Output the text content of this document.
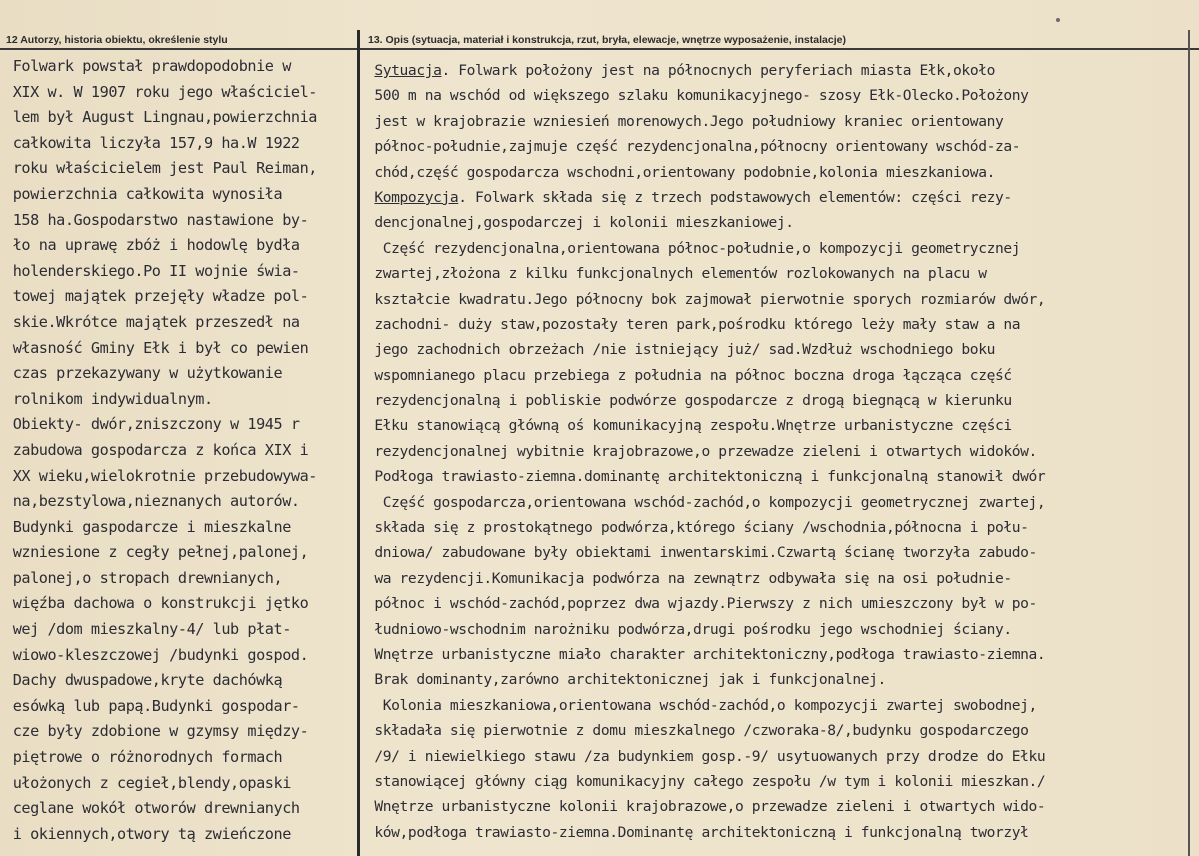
12 Autorzy, historia obiektu, określenie stylu	13. Opis (sytuacja, materiał i konstrukcja, rzut, bryła, elewacje, wnętrze wyposażenie, instalacje)
Folwark powstał prawdopodobnie w
XIX w. W 1907 roku jego właściciel-
lem był August Lingnau,powierzchnia
całkowita liczyła 157,9 ha.W 1922
roku właścicielem jest Paul Reiman,
powierzchnia całkowita wynosiła
158 ha.Gospodarstwo nastawione by-
ło na uprawę zbóż i hodowlę bydła
holenderskiego.Po II wojnie świa-
towej majątek przejęły władze pol-
skie.Wkrótce majątek przeszedł na
własność Gminy Ełk i był co pewien
czas przekazywany w użytkowanie
rolnikom indywidualnym.
Obiekty- dwór,zniszczony w 1945 r
zabudowa gospodarcza z końca XIX i
XX wieku,wielokrotnie przebudowywa-
na,bezstylowa,nieznanych autorów.
Budynki gaspodarcze i mieszkalne
wzniesione z cegły pełnej,palonej,
palonej,o stropach drewnianych,
więźba dachowa o konstrukcji jętko
wej /dom mieszkalny-4/ lub płat-
wiowo-kleszczowej /budynki gospod.
Dachy dwuspadowe,kryte dachówką
esówką lub papą.Budynki gospodar-
cze były zdobione w gzymsy między-
piętrowe o różnorodnych formach
ułożonych z cegieł,blendy,opaski
ceglane wokół otworów drewnianych
i okiennych,otwory tą zwieńczone
Sytuacja. Folwark położony jest na północnych peryferiach miasta Ełk,około
500 m na wschód od większego szlaku komunikacyjnego- szosy Ełk-Olecko.Położony
jest w krajobrazie wzniesień morenowych.Jego południowy kraniec orientowany
północ-południe,zajmuje część rezydencjonalna,północny orientowany wschód-za-
chód,część gospodarcza wschodni,orientowany podobnie,kolonia mieszkaniowa.
Kompozycja. Folwark składa się z trzech podstawowych elementów: części rezy-
dencjonalnej,gospodarczej i kolonii mieszkaniowej.
Część rezydencjonalna,orientowana północ-południe,o kompozycji geometrycznej
zwartej,złożona z kilku funkcjonalnych elementów rozlokowanych na placu w
kształcie kwadratu.Jego północny bok zajmował pierwotnie sporych rozmiarów dwór,
zachodni- duży staw,pozostały teren park,pośrodku którego leży mały staw a na
jego zachodnich obrzeżach /nie istniejący już/ sad.Wzdłuż wschodniego boku
wspomnianego placu przebiega z południa na północ boczna droga łącząca część
rezydencjonalną i pobliskie podwórze gospodarcze z drogą biegnącą w kierunku
Ełku stanowiącą główną oś komunikacyjną zespołu.Wnętrze urbanistyczne części
rezydencjonalnej wybitnie krajobrazowe,o przewadze zieleni i otwartych widoków.
Podłoga trawiasto-ziemna.dominantę architektoniczną i funkcjonalną stanowił dwór
Część gospodarcza,orientowana wschód-zachód,o kompozycji geometrycznej zwartej,
składa się z prostokątnego podwórza,którego ściany /wschodnia,północna i połu-
dniowa/ zabudowane były obiektami inwentarskimi.Czwartą ścianę tworzyła zabudo-
wa rezydencji.Komunikacja podwórza na zewnątrz odbywała się na osi południe-
północ i wschód-zachód,poprzez dwa wjazdy.Pierwszy z nich umieszczony był w po-
łudniowo-wschodnim narożniku podwórza,drugi pośrodku jego wschodniej ściany.
Wnętrze urbanistyczne miało charakter architektoniczny,podłoga trawiasto-ziemna.
Brak dominanty,zarówno architektonicznej jak i funkcjonalnej.
Kolonia mieszkaniowa,orientowana wschód-zachód,o kompozycji zwartej swobodnej,
składała się pierwotnie z domu mieszkalnego /czworaka-8/,budynku gospodarczego
/9/ i niewielkiego stawu /za budynkiem gosp.-9/ usytuowanych przy drodze do Ełku
stanowiącej główny ciąg komunikacyjny całego zespołu /w tym i kolonii mieszkan./
Wnętrze urbanistyczne kolonii krajobrazowe,o przewadze zieleni i otwartych wido-
ków,podłoga trawiasto-ziemna.Dominantę architektoniczną i funkcjonalną tworzył
